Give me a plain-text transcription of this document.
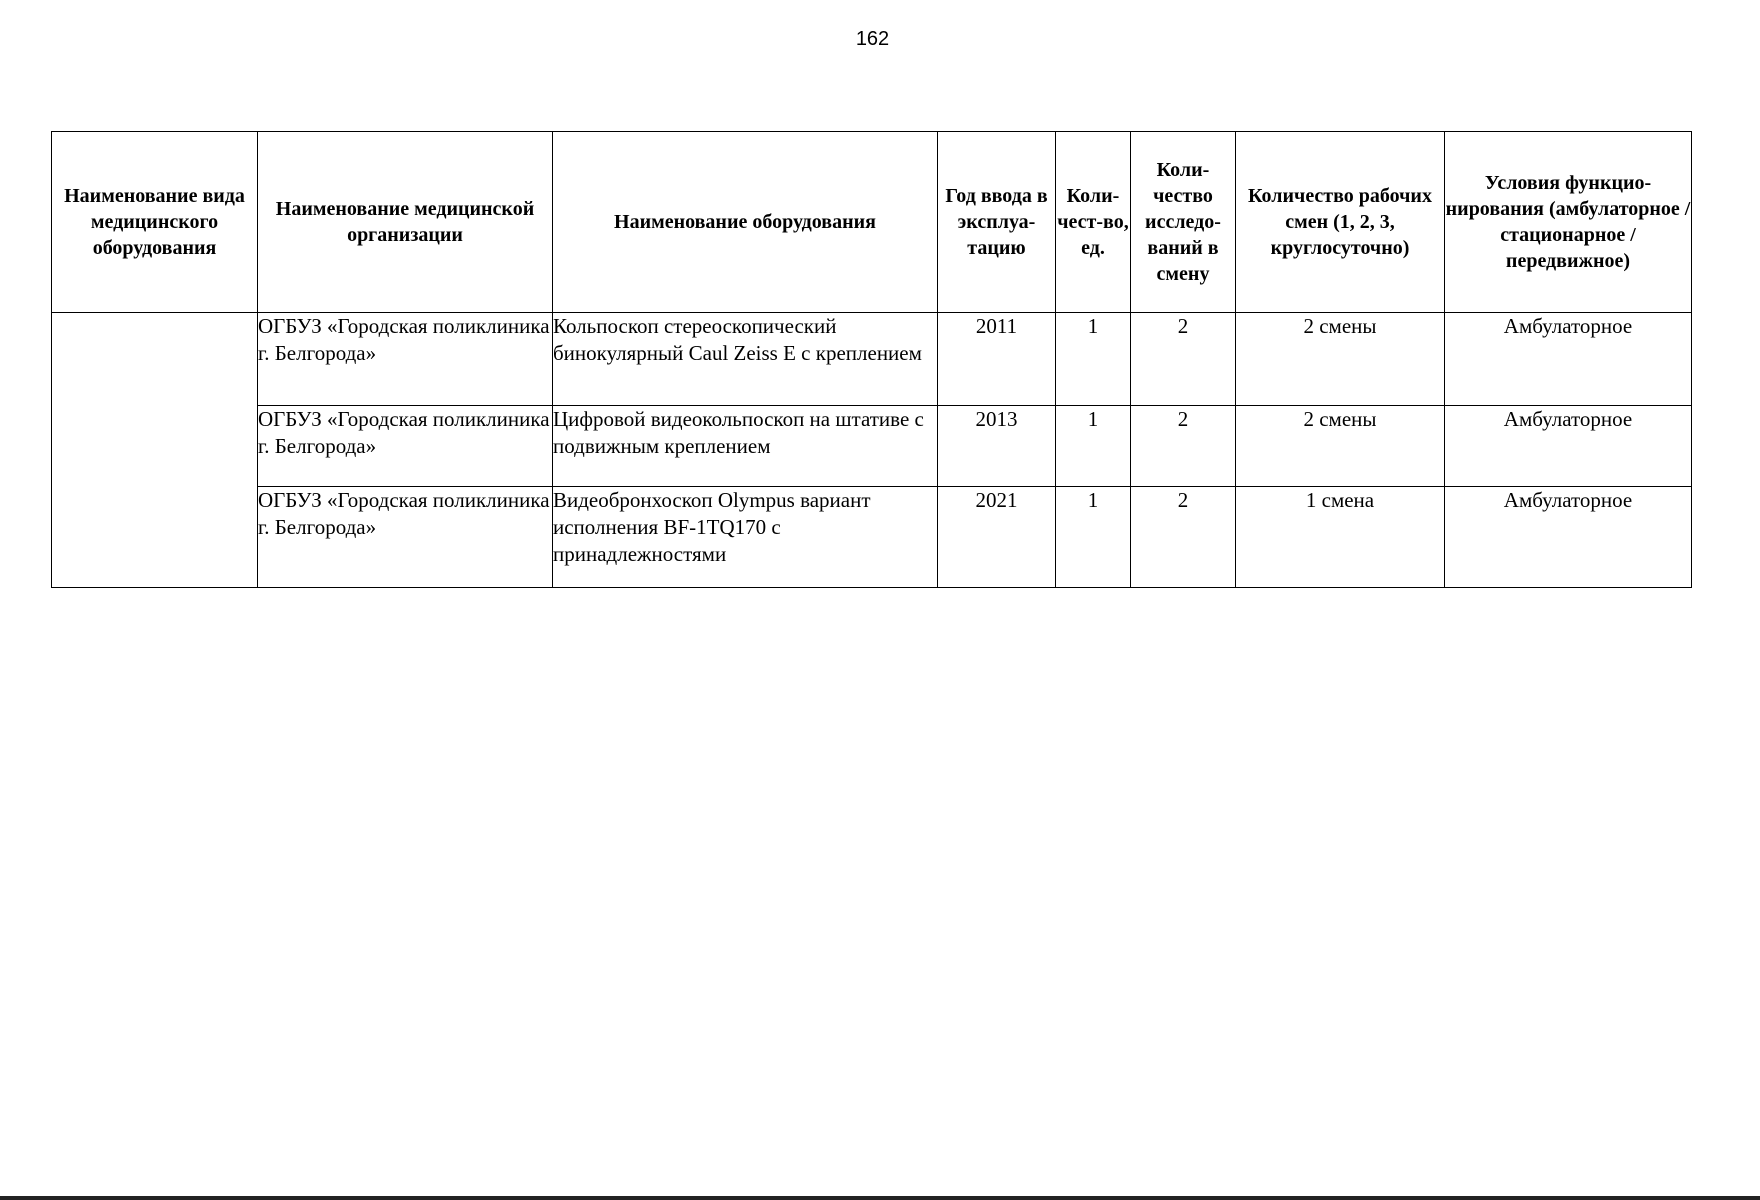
162
Наименование вида медицинского оборудования	Наименование медицинской организации	Наименование оборудования	Год ввода в эксплуа-тацию	Коли-чест-во, ед.	Коли-чество исследо-ваний в смену	Количество рабочих смен (1, 2, 3, круглосуточно)	Условия функцио-нирования (амбулаторное / стационарное / передвижное)
	ОГБУЗ «Городская поликлиника г. Белгорода»	Кольпоскоп стереоскопический бинокулярный Caul Zeiss E с креплением	2011	1	2	2 смены	Амбулаторное
	ОГБУЗ «Городская поликлиника г. Белгорода»	Цифровой видеокольпоскоп на штативе с подвижным креплением	2013	1	2	2 смены	Амбулаторное
	ОГБУЗ «Городская поликлиника г. Белгорода»	Видеобронхоскоп Olympus вариант исполнения BF-1TQ170 с принадлежностями	2021	1	2	1 смена	Амбулаторное
